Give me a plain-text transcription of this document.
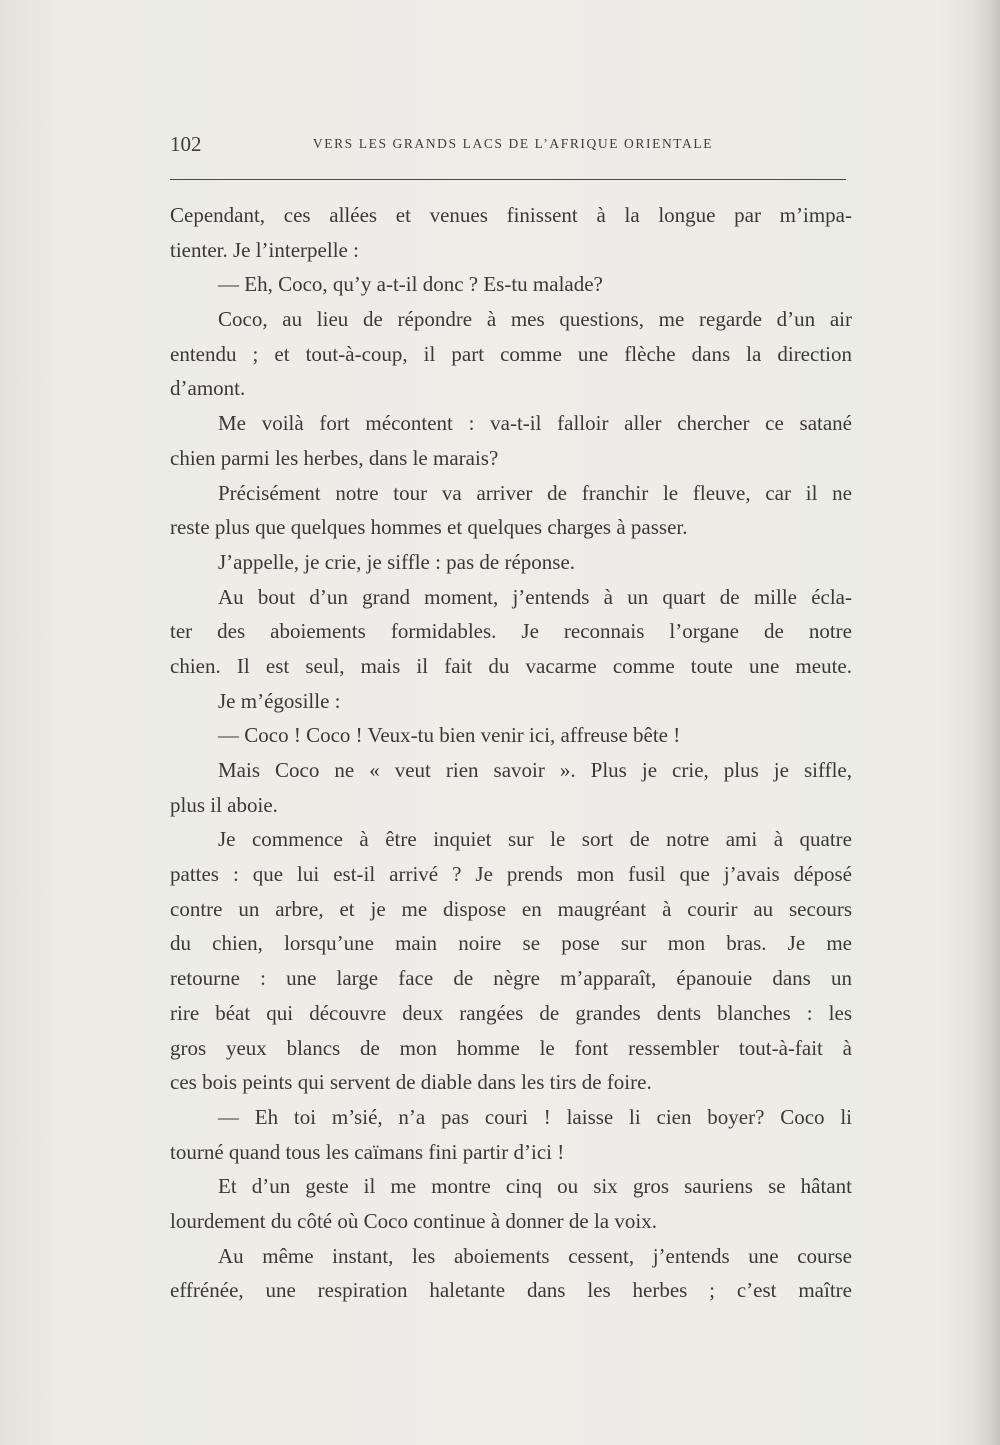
102	VERS LES GRANDS LACS DE L’AFRIQUE ORIENTALE
Cependant, ces allées et venues finissent à la longue par m’impa-
tienter. Je l’interpelle :
— Eh, Coco, qu’y a-t-il donc ? Es-tu malade?
Coco, au lieu de répondre à mes questions, me regarde d’un air
entendu ; et tout-à-coup, il part comme une flèche dans la direction
d’amont.
Me voilà fort mécontent : va-t-il falloir aller chercher ce satané
chien parmi les herbes, dans le marais?
Précisément notre tour va arriver de franchir le fleuve, car il ne
reste plus que quelques hommes et quelques charges à passer.
J’appelle, je crie, je siffle : pas de réponse.
Au bout d’un grand moment, j’entends à un quart de mille écla-
ter des aboiements formidables. Je reconnais l’organe de notre
chien. Il est seul, mais il fait du vacarme comme toute une meute.
Je m’égosille :
— Coco ! Coco ! Veux-tu bien venir ici, affreuse bête !
Mais Coco ne « veut rien savoir ». Plus je crie, plus je siffle,
plus il aboie.
Je commence à être inquiet sur le sort de notre ami à quatre
pattes : que lui est-il arrivé ? Je prends mon fusil que j’avais déposé
contre un arbre, et je me dispose en maugréant à courir au secours
du chien, lorsqu’une main noire se pose sur mon bras. Je me
retourne : une large face de nègre m’apparaît, épanouie dans un
rire béat qui découvre deux rangées de grandes dents blanches : les
gros yeux blancs de mon homme le font ressembler tout-à-fait à
ces bois peints qui servent de diable dans les tirs de foire.
— Eh toi m’sié, n’a pas couri ! laisse li cien boyer? Coco li
tourné quand tous les caïmans fini partir d’ici !
Et d’un geste il me montre cinq ou six gros sauriens se hâtant
lourdement du côté où Coco continue à donner de la voix.
Au même instant, les aboiements cessent, j’entends une course
effrénée, une respiration haletante dans les herbes ; c’est maître
